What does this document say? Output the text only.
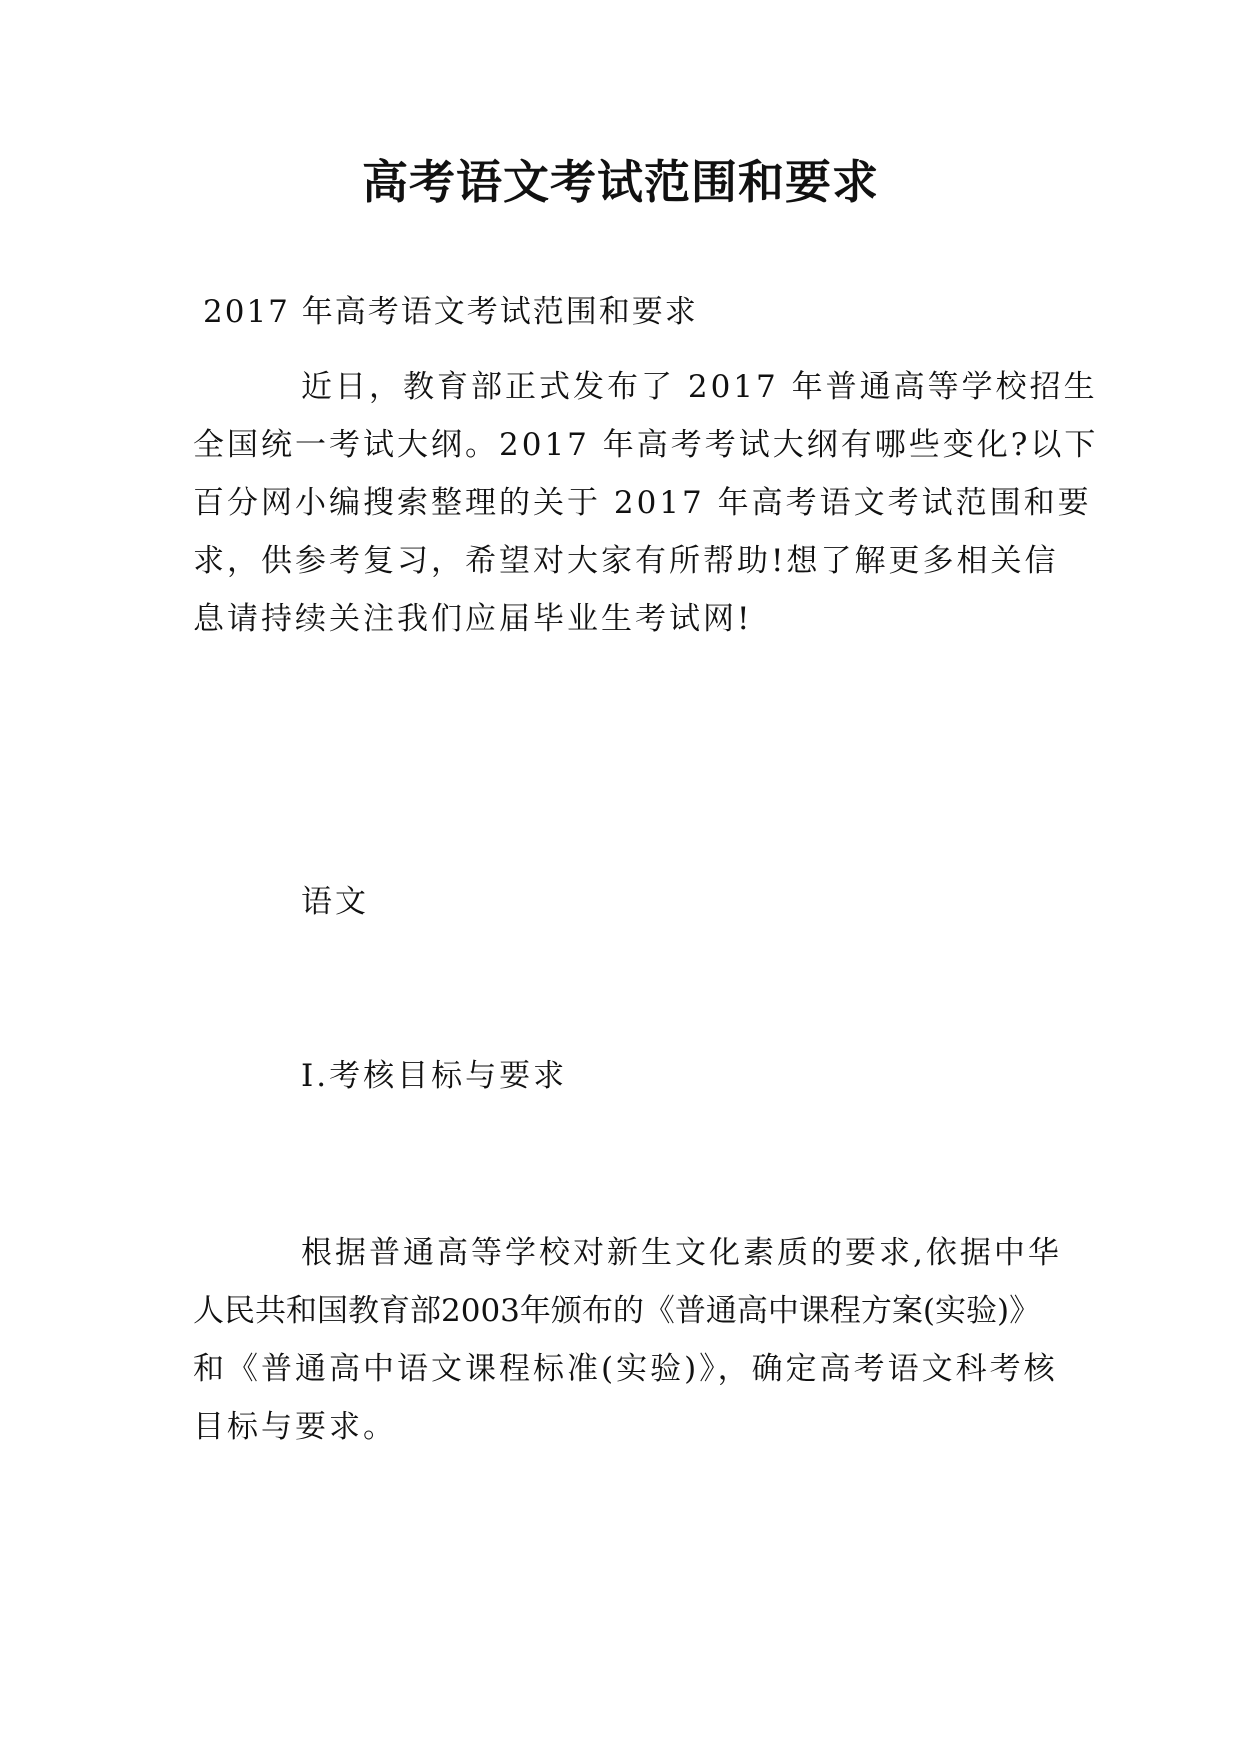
高考语文考试范围和要求
2017 年高考语文考试范围和要求
近日，教育部正式发布了 2017 年普通高等学校招生
全国统一考试大纲。2017 年高考考试大纲有哪些变化?以下
百分网小编搜索整理的关于 2017 年高考语文考试范围和要
求，供参考复习，希望对大家有所帮助!想了解更多相关信
息请持续关注我们应届毕业生考试网!
语文
I.考核目标与要求
根据普通高等学校对新生文化素质的要求,依据中华
人民共和国教育部2003年颁布的《普通高中课程方案(实验)》
和《普通高中语文课程标准(实验)》，确定高考语文科考核
目标与要求。
